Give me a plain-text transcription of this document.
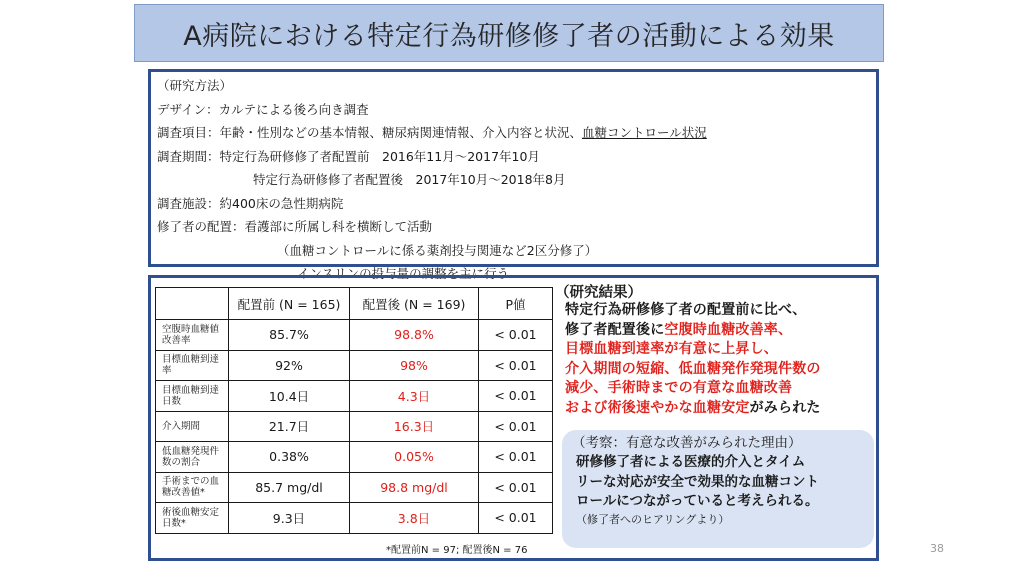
A病院における特定行為研修修了者の活動による効果
（研究方法）
デザイン：カルテによる後ろ向き調査
調査項目：年齢・性別などの基本情報、糖尿病関連情報、介入内容と状況、血糖コントロール状況
調査期間：特定行為研修修了者配置前　2016年11月～2017年10月
特定行為研修修了者配置後　2017年10月～2018年8月
調査施設：約400床の急性期病院
修了者の配置：看護部に所属し科を横断して活動
（血糖コントロールに係る薬剤投与関連など2区分修了）
インスリンの投与量の調整を主に行う
	配置前 (N = 165)	配置後 (N = 169)	P値
空腹時血糖値改善率	85.7%	98.8%	< 0.01
目標血糖到達率	92%	98%	< 0.01
目標血糖到達日数	10.4日	4.3日	< 0.01
介入期間	21.7日	16.3日	< 0.01
低血糖発現件数の割合	0.38%	0.05%	< 0.01
手術までの血糖改善値*	85.7 mg/dl	98.8 mg/dl	< 0.01
術後血糖安定日数*	9.3日	3.8日	< 0.01
*配置前N = 97; 配置後N = 76
（研究結果）
特定行為研修修了者の配置前に比べ、
修了者配置後に空腹時血糖改善率、
目標血糖到達率が有意に上昇し、
介入期間の短縮、低血糖発作発現件数の
減少、手術時までの有意な血糖改善
および術後速やかな血糖安定がみられた
（考察：有意な改善がみられた理由）
研修修了者による医療的介入とタイム
リーな対応が安全で効果的な血糖コント
ロールにつながっていると考えられる。
（修了者へのヒアリングより）
38
